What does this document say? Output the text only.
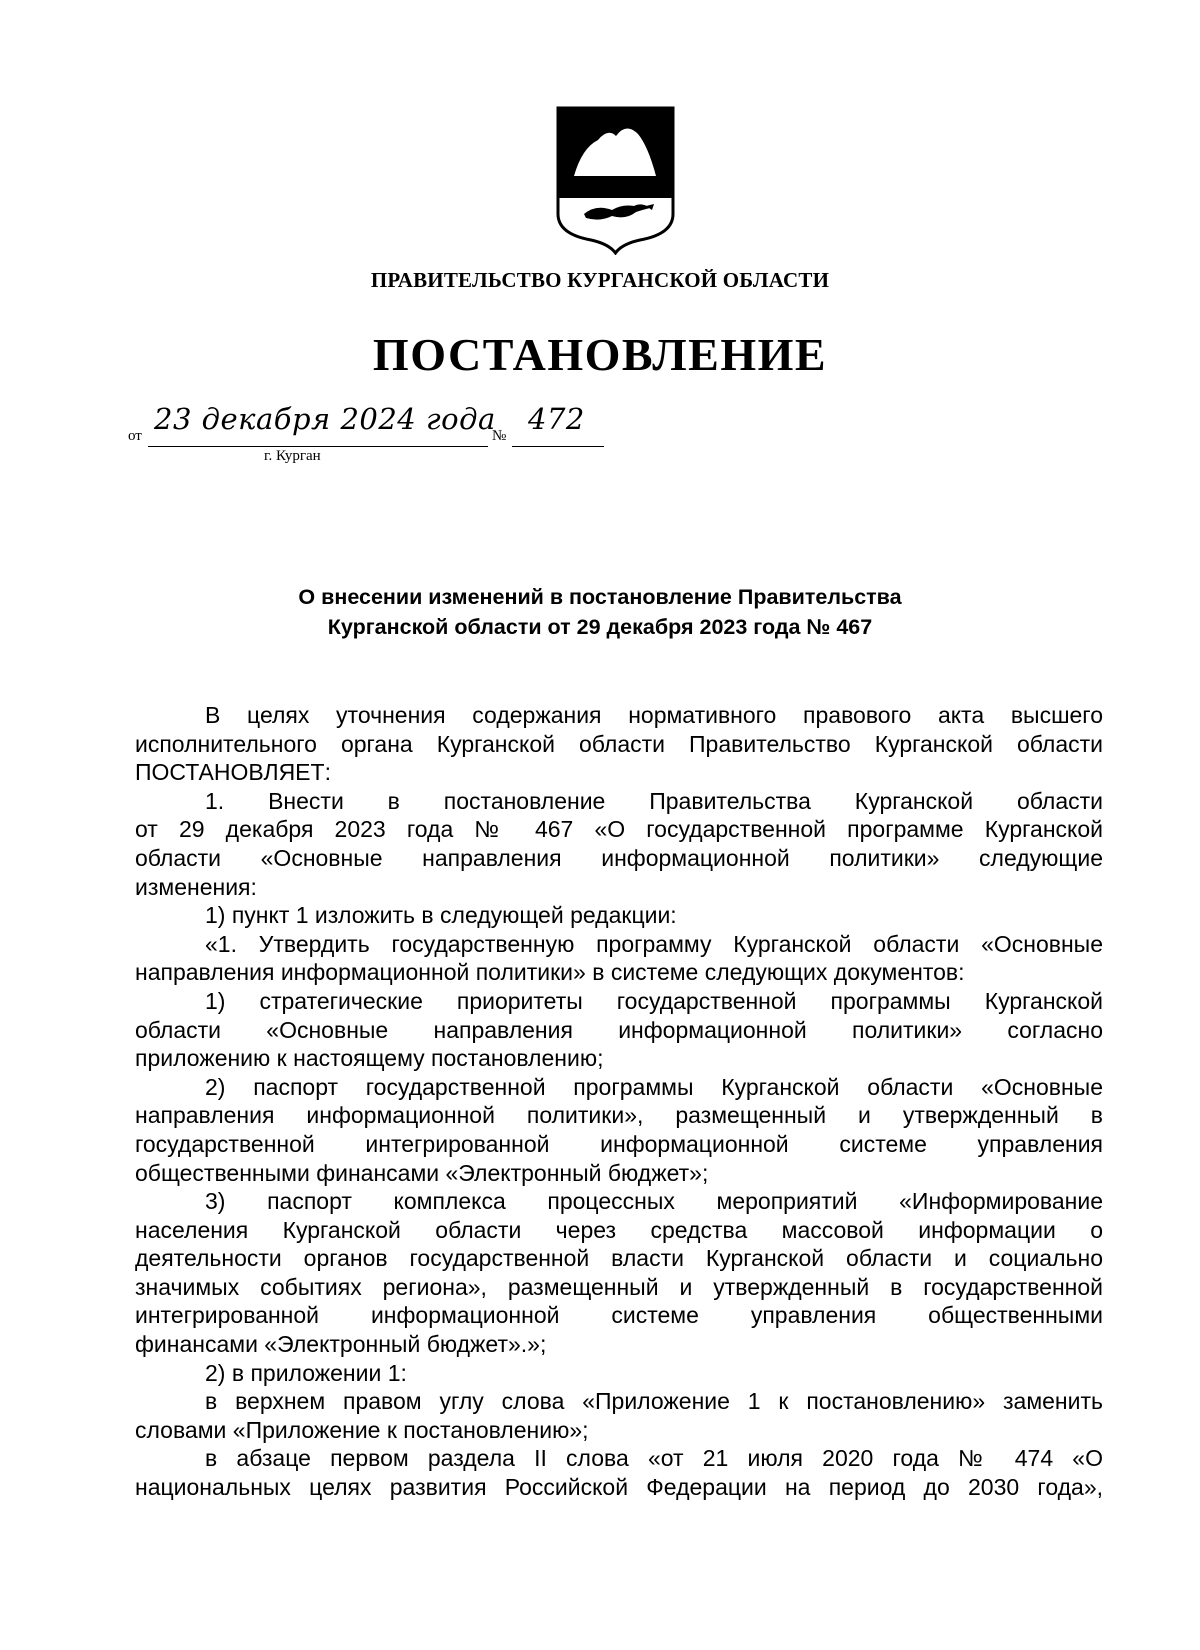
ПРАВИТЕЛЬСТВО КУРГАНСКОЙ ОБЛАСТИ
ПОСТАНОВЛЕНИЕ
от 23 декабря 2024 года
№ 472
г. Курган
О внесении изменений в постановление Правительства
Курганской области от 29 декабря 2023 года № 467

В целях уточнения содержания нормативного правового акта высшего

исполнительного органа Курганской области Правительство Курганской области

ПОСТАНОВЛЯЕТ:

1. Внести в постановление Правительства Курганской области

от 29 декабря 2023 года № 467 «О государственной программе Курганской

области «Основные направления информационной политики» следующие

изменения:

1) пункт 1 изложить в следующей редакции:

«1. Утвердить государственную программу Курганской области «Основные

направления информационной политики» в системе следующих документов:

1) стратегические приоритеты государственной программы Курганской

области «Основные направления информационной политики» согласно

приложению к настоящему постановлению;

2) паспорт государственной программы Курганской области «Основные

направления информационной политики», размещенный и утвержденный в

государственной интегрированной информационной системе управления

общественными финансами «Электронный бюджет»;

3) паспорт комплекса процессных мероприятий «Информирование

населения Курганской области через средства массовой информации о

деятельности органов государственной власти Курганской области и социально

значимых событиях региона», размещенный и утвержденный в государственной

интегрированной информационной системе управления общественными

финансами «Электронный бюджет».»;

2) в приложении 1:

в верхнем правом углу слова «Приложение 1 к постановлению» заменить

словами «Приложение к постановлению»;

в абзаце первом раздела II слова «от 21 июля 2020 года № 474 «О

национальных целях развития Российской Федерации на период до 2030 года»,
